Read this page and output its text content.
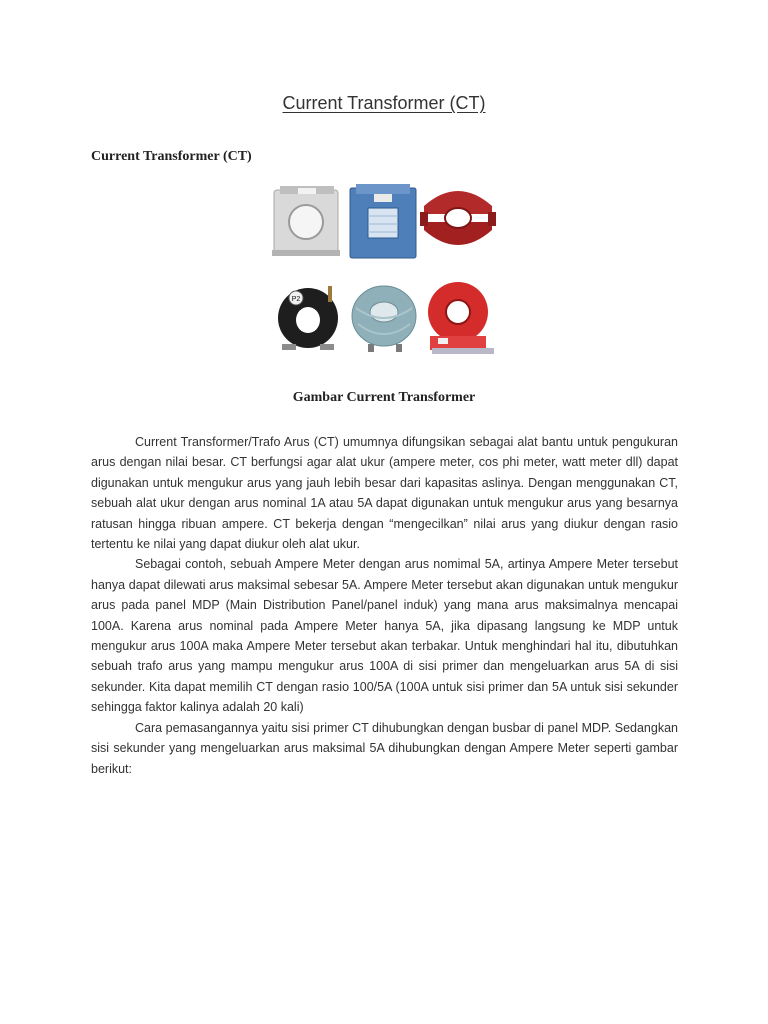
Current Transformer (CT)
Current Transformer (CT)
P2
Gambar Current Transformer

Current Transformer/Trafo Arus (CT) umumnya difungsikan sebagai alat bantu untuk pengukuran arus dengan nilai besar. CT berfungsi agar alat ukur (ampere meter, cos phi meter, watt meter dll) dapat digunakan untuk mengukur arus yang jauh lebih besar dari kapasitas aslinya. Dengan menggunakan CT, sebuah alat ukur dengan arus nominal 1A atau 5A dapat digunakan untuk mengukur arus yang besarnya ratusan hingga ribuan ampere. CT bekerja dengan “mengecilkan” nilai arus yang diukur dengan rasio tertentu ke nilai yang dapat diukur oleh alat ukur.

Sebagai contoh, sebuah Ampere Meter dengan arus nomimal 5A, artinya Ampere Meter tersebut hanya dapat dilewati arus maksimal sebesar 5A. Ampere Meter tersebut akan digunakan untuk mengukur arus pada panel MDP (Main Distribution Panel/panel induk) yang mana arus maksimalnya mencapai 100A. Karena arus nominal pada Ampere Meter hanya 5A, jika dipasang langsung ke MDP untuk mengukur arus 100A maka Ampere Meter tersebut akan terbakar. Untuk menghindari hal itu, dibutuhkan sebuah trafo arus yang mampu mengukur arus 100A di sisi primer dan mengeluarkan arus 5A di sisi sekunder. Kita dapat memilih CT dengan rasio 100/5A (100A untuk sisi primer dan 5A untuk sisi sekunder sehingga faktor kalinya adalah 20 kali)

Cara pemasangannya yaitu sisi primer CT dihubungkan dengan busbar di panel MDP. Sedangkan sisi sekunder yang mengeluarkan arus maksimal 5A dihubungkan dengan Ampere Meter seperti gambar berikut:
